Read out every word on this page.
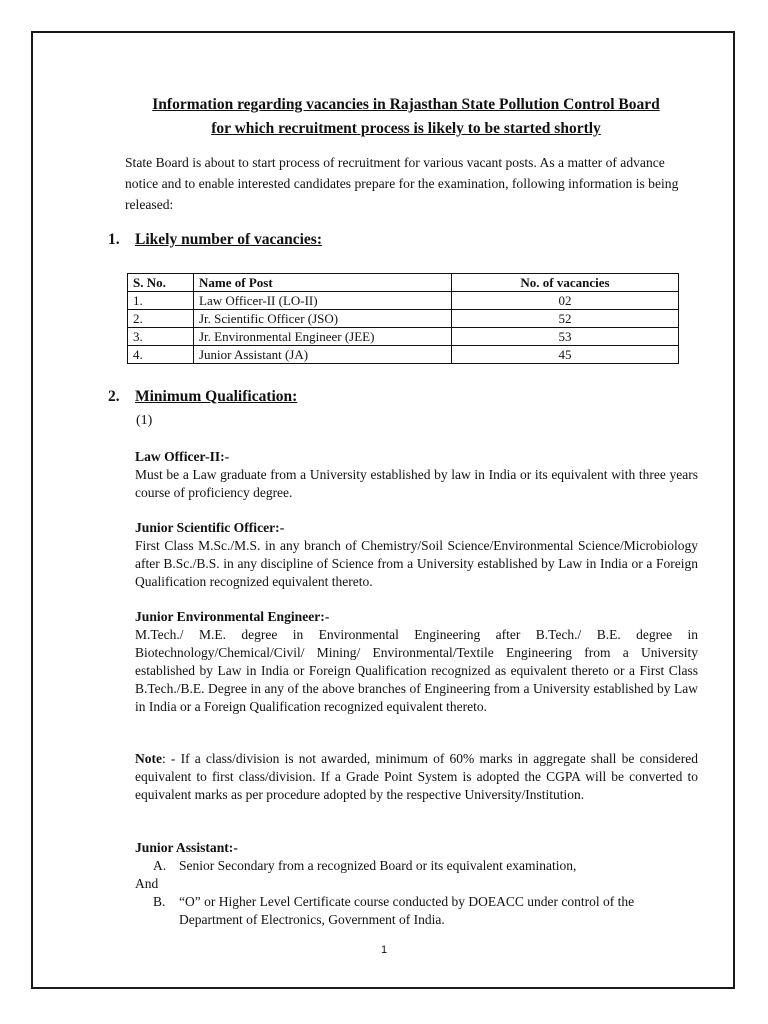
Information regarding vacancies in Rajasthan State Pollution Control Board
for which recruitment process is likely to be started shortly
State Board is about to start process of recruitment for various vacant posts. As a matter of advance notice and to enable interested candidates prepare for the examination, following information is being released:
1. Likely number of vacancies:
S. No.	Name of Post	No. of vacancies
1.	Law Officer-II (LO-II)	02
2.	Jr. Scientific Officer (JSO)	52
3.	Jr. Environmental Engineer (JEE)	53
4.	Junior Assistant (JA)	45
2. Minimum Qualification:
(1)
Law Officer-II:-
Must be a Law graduate from a University established by law in India or its equivalent with three years course of proficiency degree.
Junior Scientific Officer:-
First Class M.Sc./M.S. in any branch of Chemistry/Soil Science/Environmental Science/Microbiology after B.Sc./B.S. in any discipline of Science from a University established by Law in India or a Foreign Qualification recognized equivalent thereto.
Junior Environmental Engineer:-
M.Tech./ M.E. degree in Environmental Engineering after B.Tech./ B.E. degree in Biotechnology/Chemical/Civil/ Mining/ Environmental/Textile Engineering from a University established by Law in India or Foreign Qualification recognized as equivalent thereto or a First Class B.Tech./B.E. Degree in any of the above branches of Engineering from a University established by Law in India or a Foreign Qualification recognized equivalent thereto.
Note: - If a class/division is not awarded, minimum of 60% marks in aggregate shall be considered equivalent to first class/division. If a Grade Point System is adopted the CGPA will be converted to equivalent marks as per procedure adopted by the respective University/Institution.
Junior Assistant:-
A. Senior Secondary from a recognized Board or its equivalent examination,
And
B. “O” or Higher Level Certificate course conducted by DOEACC under control of the Department of Electronics, Government of India.
1
